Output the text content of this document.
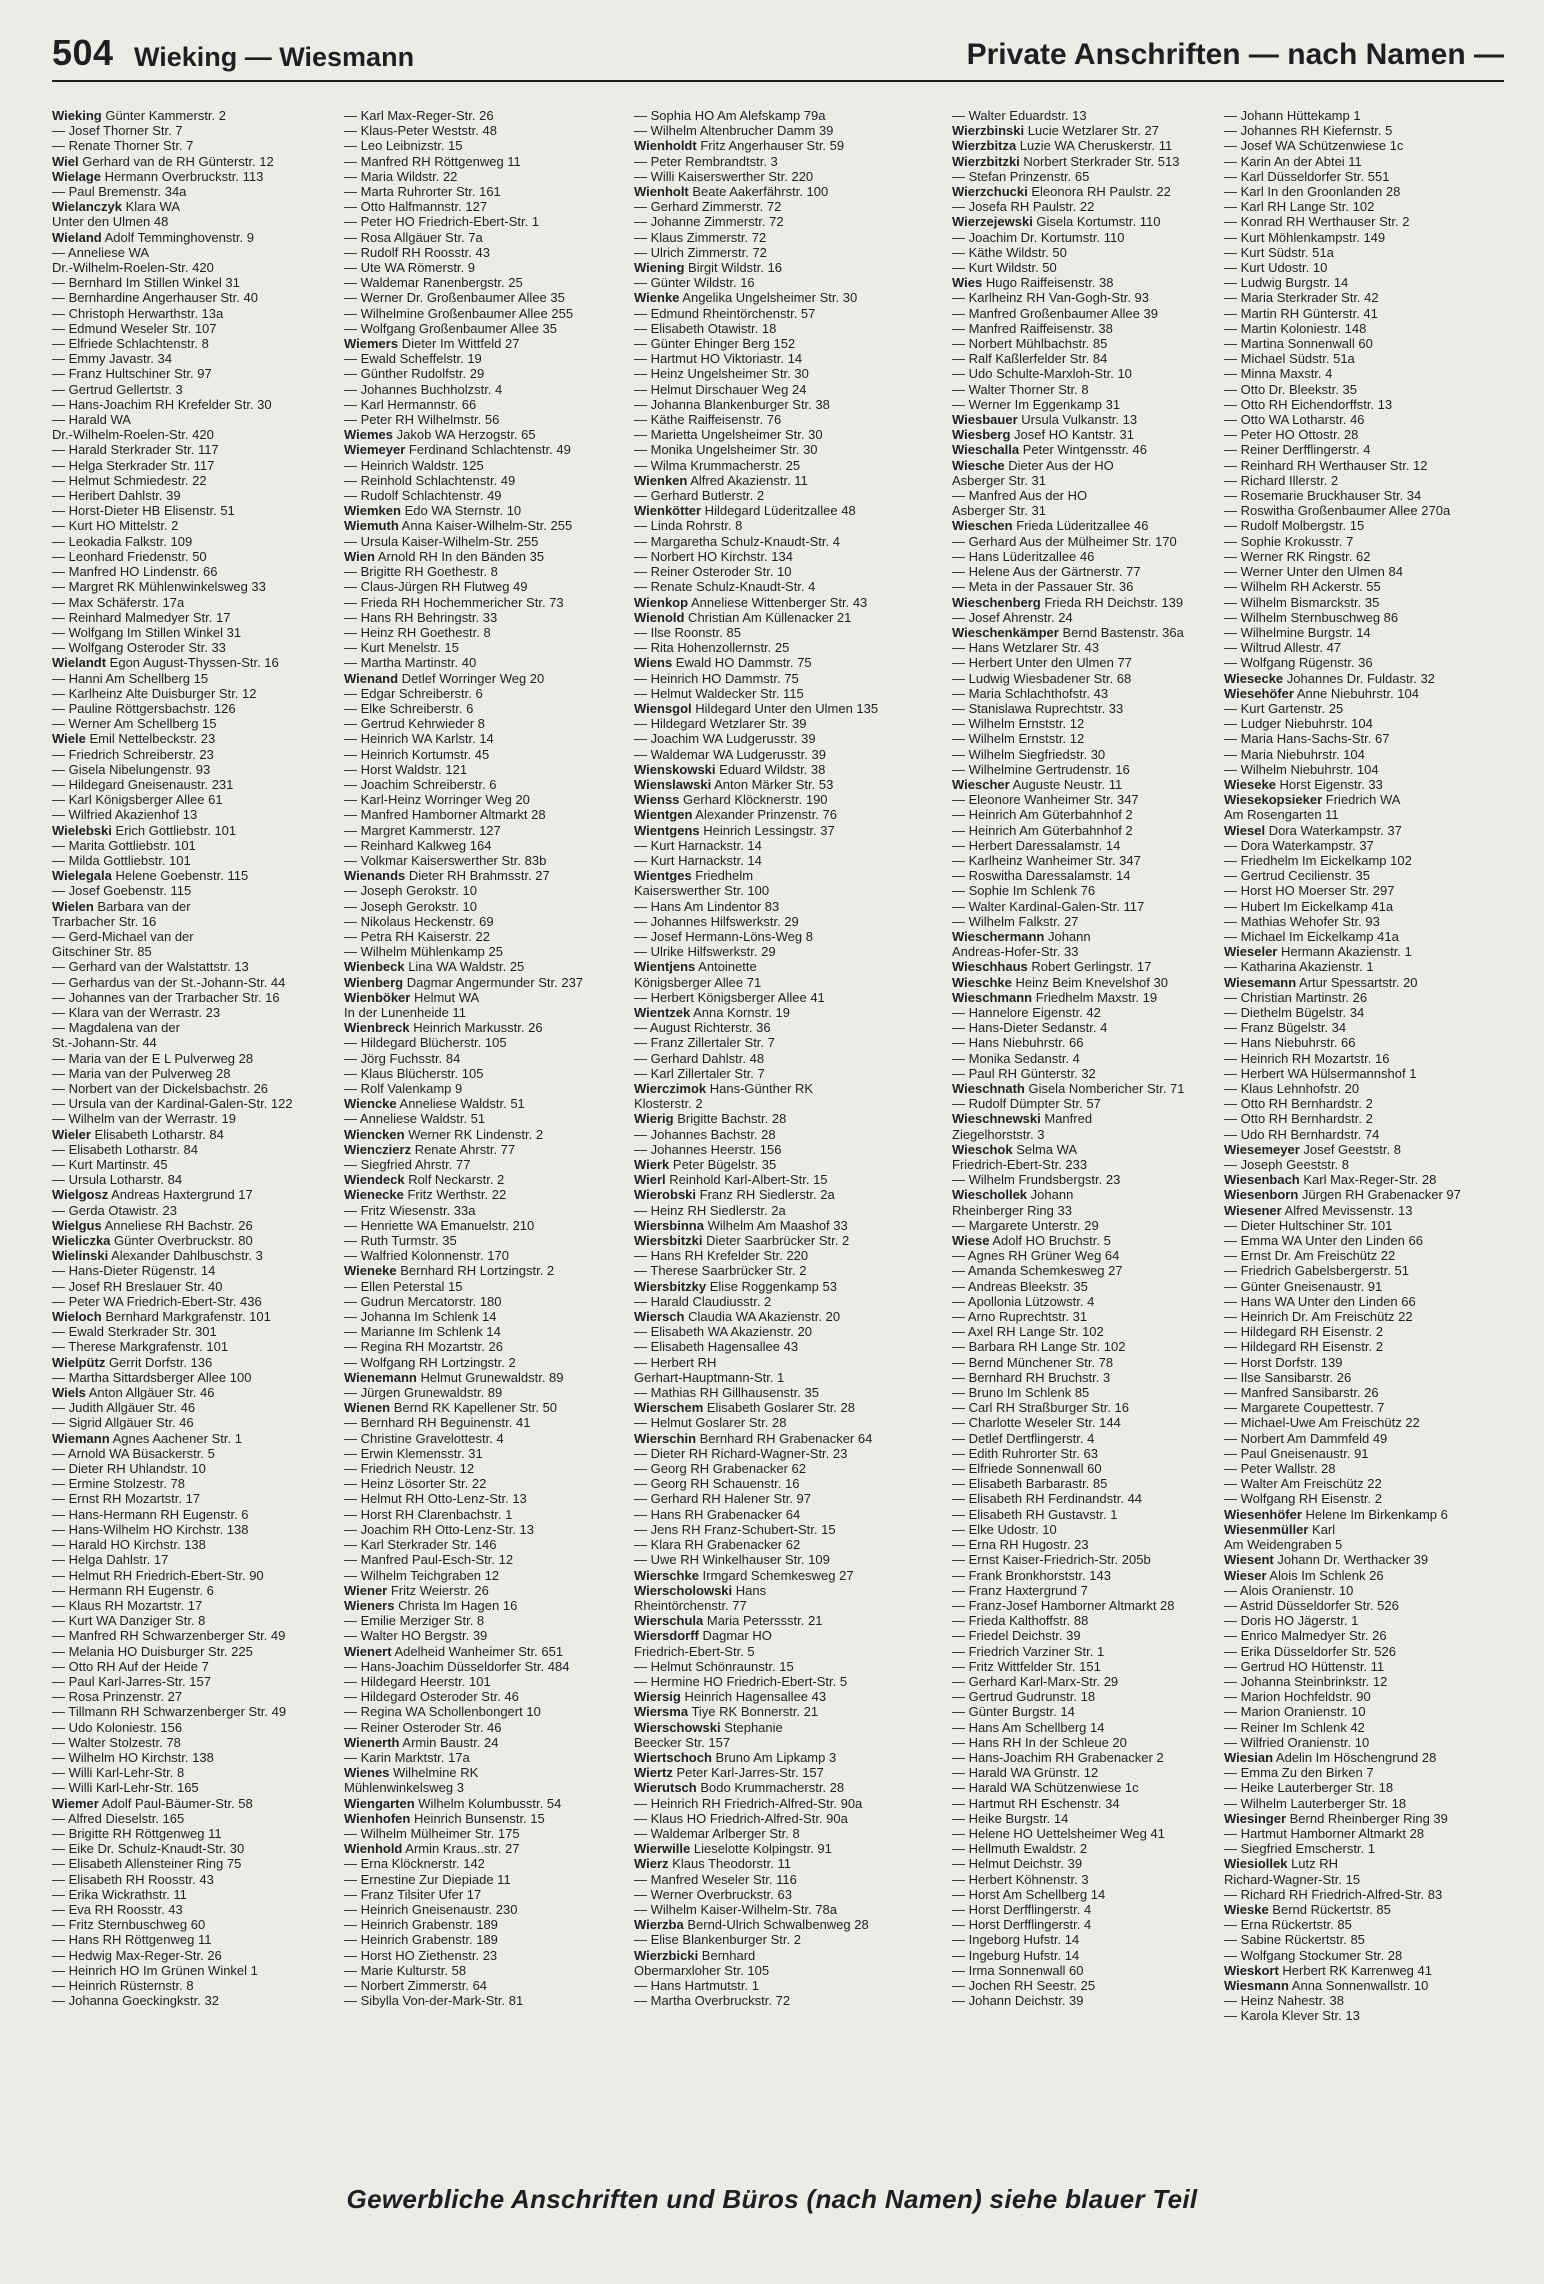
504 Wieking — Wiesmann	Private Anschriften — nach Namen —
Wieking Günter Kammerstr. 2
— Josef Thorner Str. 7
— Renate Thorner Str. 7
Wiel Gerhard van de RH Günterstr. 12
Wielage Hermann Overbruckstr. 113
— Paul Bremenstr. 34a
Wielanczyk Klara WA
Unter den Ulmen 48
Wieland Adolf Temminghovenstr. 9
— Anneliese WA
Dr.-Wilhelm-Roelen-Str. 420
— Bernhard Im Stillen Winkel 31
— Bernhardine Angerhauser Str. 40
— Christoph Herwarthstr. 13a
— Edmund Weseler Str. 107
— Elfriede Schlachtenstr. 8
— Emmy Javastr. 34
— Franz Hultschiner Str. 97
— Gertrud Gellertstr. 3
— Hans-Joachim RH Krefelder Str. 30
— Harald WA
Dr.-Wilhelm-Roelen-Str. 420
— Harald Sterkrader Str. 117
— Helga Sterkrader Str. 117
— Helmut Schmiedestr. 22
— Heribert Dahlstr. 39
— Horst-Dieter HB Elisenstr. 51
— Kurt HO Mittelstr. 2
— Leokadia Falkstr. 109
— Leonhard Friedenstr. 50
— Manfred HO Lindenstr. 66
— Margret RK Mühlenwinkelsweg 33
— Max Schäferstr. 17a
— Reinhard Malmedyer Str. 17
— Wolfgang Im Stillen Winkel 31
— Wolfgang Osteroder Str. 33
Wielandt Egon August-Thyssen-Str. 16
— Hanni Am Schellberg 15
— Karlheinz Alte Duisburger Str. 12
— Pauline Röttgersbachstr. 126
— Werner Am Schellberg 15
Wiele Emil Nettelbeckstr. 23
— Friedrich Schreiberstr. 23
— Gisela Nibelungenstr. 93
— Hildegard Gneisenaustr. 231
— Karl Königsberger Allee 61
— Wilfried Akazienhof 13
Wielebski Erich Gottliebstr. 101
— Marita Gottliebstr. 101
— Milda Gottliebstr. 101
Wielegala Helene Goebenstr. 115
— Josef Goebenstr. 115
Wielen Barbara van der
Trarbacher Str. 16
— Gerd-Michael van der
Gitschiner Str. 85
— Gerhard van der Walstattstr. 13
— Gerhardus van der St.-Johann-Str. 44
— Johannes van der Trarbacher Str. 16
— Klara van der Werrastr. 23
— Magdalena van der
St.-Johann-Str. 44
— Maria van der E L Pulverweg 28
— Maria van der Pulverweg 28
— Norbert van der Dickelsbachstr. 26
— Ursula van der Kardinal-Galen-Str. 122
— Wilhelm van der Werrastr. 19
Wieler Elisabeth Lotharstr. 84
— Elisabeth Lotharstr. 84
— Kurt Martinstr. 45
— Ursula Lotharstr. 84
Wielgosz Andreas Haxtergrund 17
— Gerda Otawistr. 23
Wielgus Anneliese RH Bachstr. 26
Wieliczka Günter Overbruckstr. 80
Wielinski Alexander Dahlbuschstr. 3
— Hans-Dieter Rügenstr. 14
— Josef RH Breslauer Str. 40
— Peter WA Friedrich-Ebert-Str. 436
Wieloch Bernhard Markgrafenstr. 101
— Ewald Sterkrader Str. 301
— Therese Markgrafenstr. 101
Wielpütz Gerrit Dorfstr. 136
— Martha Sittardsberger Allee 100
Wiels Anton Allgäuer Str. 46
— Judith Allgäuer Str. 46
— Sigrid Allgäuer Str. 46
Wiemann Agnes Aachener Str. 1
— Arnold WA Büsackerstr. 5
— Dieter RH Uhlandstr. 10
— Ermine Stolzestr. 78
— Ernst RH Mozartstr. 17
— Hans-Hermann RH Eugenstr. 6
— Hans-Wilhelm HO Kirchstr. 138
— Harald HO Kirchstr. 138
— Helga Dahlstr. 17
— Helmut RH Friedrich-Ebert-Str. 90
— Hermann RH Eugenstr. 6
— Klaus RH Mozartstr. 17
— Kurt WA Danziger Str. 8
— Manfred RH Schwarzenberger Str. 49
— Melania HO Duisburger Str. 225
— Otto RH Auf der Heide 7
— Paul Karl-Jarres-Str. 157
— Rosa Prinzenstr. 27
— Tillmann RH Schwarzenberger Str. 49
— Udo Koloniestr. 156
— Walter Stolzestr. 78
— Wilhelm HO Kirchstr. 138
— Willi Karl-Lehr-Str. 8
— Willi Karl-Lehr-Str. 165
Wiemer Adolf Paul-Bäumer-Str. 58
— Alfred Dieselstr. 165
— Brigitte RH Röttgenweg 11
— Eike Dr. Schulz-Knaudt-Str. 30
— Elisabeth Allensteiner Ring 75
— Elisabeth RH Roosstr. 43
— Erika Wickrathstr. 11
— Eva RH Roosstr. 43
— Fritz Sternbuschweg 60
— Hans RH Röttgenweg 11
— Hedwig Max-Reger-Str. 26
— Heinrich HO Im Grünen Winkel 1
— Heinrich Rüsternstr. 8
— Johanna Goeckingkstr. 32
— Karl Max-Reger-Str. 26
— Klaus-Peter Weststr. 48
— Leo Leibnizstr. 15
— Manfred RH Röttgenweg 11
— Maria Wildstr. 22
— Marta Ruhrorter Str. 161
— Otto Halfmannstr. 127
— Peter HO Friedrich-Ebert-Str. 1
— Rosa Allgäuer Str. 7a
— Rudolf RH Roosstr. 43
— Ute WA Römerstr. 9
— Waldemar Ranenbergstr. 25
— Werner Dr. Großenbaumer Allee 35
— Wilhelmine Großenbaumer Allee 255
— Wolfgang Großenbaumer Allee 35
Wiemers Dieter Im Wittfeld 27
— Ewald Scheffelstr. 19
— Günther Rudolfstr. 29
— Johannes Buchholzstr. 4
— Karl Hermannstr. 66
— Peter RH Wilhelmstr. 56
Wiemes Jakob WA Herzogstr. 65
Wiemeyer Ferdinand Schlachtenstr. 49
— Heinrich Waldstr. 125
— Reinhold Schlachtenstr. 49
— Rudolf Schlachtenstr. 49
Wiemken Edo WA Sternstr. 10
Wiemuth Anna Kaiser-Wilhelm-Str. 255
— Ursula Kaiser-Wilhelm-Str. 255
Wien Arnold RH In den Bänden 35
— Brigitte RH Goethestr. 8
— Claus-Jürgen RH Flutweg 49
— Frieda RH Hochemmericher Str. 73
— Hans RH Behringstr. 33
— Heinz RH Goethestr. 8
— Kurt Menelstr. 15
— Martha Martinstr. 40
Wienand Detlef Worringer Weg 20
— Edgar Schreiberstr. 6
— Elke Schreiberstr. 6
— Gertrud Kehrwieder 8
— Heinrich WA Karlstr. 14
— Heinrich Kortumstr. 45
— Horst Waldstr. 121
— Joachim Schreiberstr. 6
— Karl-Heinz Worringer Weg 20
— Manfred Hamborner Altmarkt 28
— Margret Kammerstr. 127
— Reinhard Kalkweg 164
— Volkmar Kaiserswerther Str. 83b
Wienands Dieter RH Brahmsstr. 27
— Joseph Gerokstr. 10
— Joseph Gerokstr. 10
— Nikolaus Heckenstr. 69
— Petra RH Kaiserstr. 22
— Wilhelm Mühlenkamp 25
Wienbeck Lina WA Waldstr. 25
Wienberg Dagmar Angermunder Str. 237
Wienböker Helmut WA
In der Lunenheide 11
Wienbreck Heinrich Markusstr. 26
— Hildegard Blücherstr. 105
— Jörg Fuchsstr. 84
— Klaus Blücherstr. 105
— Rolf Valenkamp 9
Wiencke Anneliese Waldstr. 51
— Anneliese Waldstr. 51
Wiencken Werner RK Lindenstr. 2
Wienczierz Renate Ahrstr. 77
— Siegfried Ahrstr. 77
Wiendeck Rolf Neckarstr. 2
Wienecke Fritz Werthstr. 22
— Fritz Wiesenstr. 33a
— Henriette WA Emanuelstr. 210
— Ruth Turmstr. 35
— Walfried Kolonnenstr. 170
Wieneke Bernhard RH Lortzingstr. 2
— Ellen Peterstal 15
— Gudrun Mercatorstr. 180
— Johanna Im Schlenk 14
— Marianne Im Schlenk 14
— Regina RH Mozartstr. 26
— Wolfgang RH Lortzingstr. 2
Wienemann Helmut Grunewaldstr. 89
— Jürgen Grunewaldstr. 89
Wienen Bernd RK Kapellener Str. 50
— Bernhard RH Beguinenstr. 41
— Christine Gravelottestr. 4
— Erwin Klemensstr. 31
— Friedrich Neustr. 12
— Heinz Lösorter Str. 22
— Helmut RH Otto-Lenz-Str. 13
— Horst RH Clarenbachstr. 1
— Joachim RH Otto-Lenz-Str. 13
— Karl Sterkrader Str. 146
— Manfred Paul-Esch-Str. 12
— Wilhelm Teichgraben 12
Wiener Fritz Weierstr. 26
Wieners Christa Im Hagen 16
— Emilie Merziger Str. 8
— Walter HO Bergstr. 39
Wienert Adelheid Wanheimer Str. 651
— Hans-Joachim Düsseldorfer Str. 484
— Hildegard Heerstr. 101
— Hildegard Osteroder Str. 46
— Regina WA Schollenbongert 10
— Reiner Osteroder Str. 46
Wienerth Armin Baustr. 24
— Karin Marktstr. 17a
Wienes Wilhelmine RK
Mühlenwinkelsweg 3
Wiengarten Wilhelm Kolumbusstr. 54
Wienhofen Heinrich Bunsenstr. 15
— Wilhelm Mülheimer Str. 175
Wienhold Armin Kraus..str. 27
— Erna Klöcknerstr. 142
— Ernestine Zur Diepiade 11
— Franz Tilsiter Ufer 17
— Heinrich Gneisenaustr. 230
— Heinrich Grabenstr. 189
— Heinrich Grabenstr. 189
— Horst HO Ziethenstr. 23
— Marie Kulturstr. 58
— Norbert Zimmerstr. 64
— Sibylla Von-der-Mark-Str. 81
— Sophia HO Am Alefskamp 79a
— Wilhelm Altenbrucher Damm 39
Wienholdt Fritz Angerhauser Str. 59
— Peter Rembrandtstr. 3
— Willi Kaiserswerther Str. 220
Wienholt Beate Aakerfährstr. 100
— Gerhard Zimmerstr. 72
— Johanne Zimmerstr. 72
— Klaus Zimmerstr. 72
— Ulrich Zimmerstr. 72
Wiening Birgit Wildstr. 16
— Günter Wildstr. 16
Wienke Angelika Ungelsheimer Str. 30
— Edmund Rheintörchenstr. 57
— Elisabeth Otawistr. 18
— Günter Ehinger Berg 152
— Hartmut HO Viktoriastr. 14
— Heinz Ungelsheimer Str. 30
— Helmut Dirschauer Weg 24
— Johanna Blankenburger Str. 38
— Käthe Raiffeisenstr. 76
— Marietta Ungelsheimer Str. 30
— Monika Ungelsheimer Str. 30
— Wilma Krummacherstr. 25
Wienken Alfred Akazienstr. 11
— Gerhard Butlerstr. 2
Wienkötter Hildegard Lüderitzallee 48
— Linda Rohrstr. 8
— Margaretha Schulz-Knaudt-Str. 4
— Norbert HO Kirchstr. 134
— Reiner Osteroder Str. 10
— Renate Schulz-Knaudt-Str. 4
Wienkop Anneliese Wittenberger Str. 43
Wienold Christian Am Küllenacker 21
— Ilse Roonstr. 85
— Rita Hohenzollernstr. 25
Wiens Ewald HO Dammstr. 75
— Heinrich HO Dammstr. 75
— Helmut Waldecker Str. 115
Wiensgol Hildegard Unter den Ulmen 135
— Hildegard Wetzlarer Str. 39
— Joachim WA Ludgerusstr. 39
— Waldemar WA Ludgerusstr. 39
Wienskowski Eduard Wildstr. 38
Wienslawski Anton Märker Str. 53
Wienss Gerhard Klöcknerstr. 190
Wientgen Alexander Prinzenstr. 76
Wientgens Heinrich Lessingstr. 37
— Kurt Harnackstr. 14
— Kurt Harnackstr. 14
Wientges Friedhelm
Kaiserswerther Str. 100
— Hans Am Lindentor 83
— Johannes Hilfswerkstr. 29
— Josef Hermann-Löns-Weg 8
— Ulrike Hilfswerkstr. 29
Wientjens Antoinette
Königsberger Allee 71
— Herbert Königsberger Allee 41
Wientzek Anna Kornstr. 19
— August Richterstr. 36
— Franz Zillertaler Str. 7
— Gerhard Dahlstr. 48
— Karl Zillertaler Str. 7
Wierczimok Hans-Günther RK
Klosterstr. 2
Wierig Brigitte Bachstr. 28
— Johannes Bachstr. 28
— Johannes Heerstr. 156
Wierk Peter Bügelstr. 35
Wierl Reinhold Karl-Albert-Str. 15
Wierobski Franz RH Siedlerstr. 2a
— Heinz RH Siedlerstr. 2a
Wiersbinna Wilhelm Am Maashof 33
Wiersbitzki Dieter Saarbrücker Str. 2
— Hans RH Krefelder Str. 220
— Therese Saarbrücker Str. 2
Wiersbitzky Elise Roggenkamp 53
— Harald Claudiusstr. 2
Wiersch Claudia WA Akazienstr. 20
— Elisabeth WA Akazienstr. 20
— Elisabeth Hagensallee 43
— Herbert RH
Gerhart-Hauptmann-Str. 1
— Mathias RH Gillhausenstr. 35
Wierschem Elisabeth Goslarer Str. 28
— Helmut Goslarer Str. 28
Wierschin Bernhard RH Grabenacker 64
— Dieter RH Richard-Wagner-Str. 23
— Georg RH Grabenacker 62
— Georg RH Schauenstr. 16
— Gerhard RH Halener Str. 97
— Hans RH Grabenacker 64
— Jens RH Franz-Schubert-Str. 15
— Klara RH Grabenacker 62
— Uwe RH Winkelhauser Str. 109
Wierschke Irmgard Schemkesweg 27
Wierscholowski Hans
Rheintörchenstr. 77
Wierschula Maria Peterssstr. 21
Wiersdorff Dagmar HO
Friedrich-Ebert-Str. 5
— Helmut Schönraunstr. 15
— Hermine HO Friedrich-Ebert-Str. 5
Wiersig Heinrich Hagensallee 43
Wiersma Tiye RK Bonnerstr. 21
Wierschowski Stephanie
Beecker Str. 157
Wiertschoch Bruno Am Lipkamp 3
Wiertz Peter Karl-Jarres-Str. 157
Wierutsch Bodo Krummacherstr. 28
— Heinrich RH Friedrich-Alfred-Str. 90a
— Klaus HO Friedrich-Alfred-Str. 90a
— Waldemar Arlberger Str. 8
Wierwille Lieselotte Kolpingstr. 91
Wierz Klaus Theodorstr. 11
— Manfred Weseler Str. 116
— Werner Overbruckstr. 63
— Wilhelm Kaiser-Wilhelm-Str. 78a
Wierzba Bernd-Ulrich Schwalbenweg 28
— Elise Blankenburger Str. 2
Wierzbicki Bernhard
Obermarxloher Str. 105
— Hans Hartmutstr. 1
— Martha Overbruckstr. 72
— Walter Eduardstr. 13
Wierzbinski Lucie Wetzlarer Str. 27
Wierzbitza Luzie WA Cheruskerstr. 11
Wierzbitzki Norbert Sterkrader Str. 513
— Stefan Prinzenstr. 65
Wierzchucki Eleonora RH Paulstr. 22
— Josefa RH Paulstr. 22
Wierzejewski Gisela Kortumstr. 110
— Joachim Dr. Kortumstr. 110
— Käthe Wildstr. 50
— Kurt Wildstr. 50
Wies Hugo Raiffeisenstr. 38
— Karlheinz RH Van-Gogh-Str. 93
— Manfred Großenbaumer Allee 39
— Manfred Raiffeisenstr. 38
— Norbert Mühlbachstr. 85
— Ralf Kaßlerfelder Str. 84
— Udo Schulte-Marxloh-Str. 10
— Walter Thorner Str. 8
— Werner Im Eggenkamp 31
Wiesbauer Ursula Vulkanstr. 13
Wiesberg Josef HO Kantstr. 31
Wieschalla Peter Wintgensstr. 46
Wiesche Dieter Aus der HO
Asberger Str. 31
— Manfred Aus der HO
Asberger Str. 31
Wieschen Frieda Lüderitzallee 46
— Gerhard Aus der Mülheimer Str. 170
— Hans Lüderitzallee 46
— Helene Aus der Gärtnerstr. 77
— Meta in der Passauer Str. 36
Wieschenberg Frieda RH Deichstr. 139
— Josef Ahrenstr. 24
Wieschenkämper Bernd Bastenstr. 36a
— Hans Wetzlarer Str. 43
— Herbert Unter den Ulmen 77
— Ludwig Wiesbadener Str. 68
— Maria Schlachthofstr. 43
— Stanislawa Ruprechtstr. 33
— Wilhelm Ernststr. 12
— Wilhelm Ernststr. 12
— Wilhelm Siegfriedstr. 30
— Wilhelmine Gertrudenstr. 16
Wiescher Auguste Neustr. 11
— Eleonore Wanheimer Str. 347
— Heinrich Am Güterbahnhof 2
— Heinrich Am Güterbahnhof 2
— Herbert Daressalamstr. 14
— Karlheinz Wanheimer Str. 347
— Roswitha Daressalamstr. 14
— Sophie Im Schlenk 76
— Walter Kardinal-Galen-Str. 117
— Wilhelm Falkstr. 27
Wieschermann Johann
Andreas-Hofer-Str. 33
Wieschhaus Robert Gerlingstr. 17
Wieschke Heinz Beim Knevelshof 30
Wieschmann Friedhelm Maxstr. 19
— Hannelore Eigenstr. 42
— Hans-Dieter Sedanstr. 4
— Hans Niebuhrstr. 66
— Monika Sedanstr. 4
— Paul RH Günterstr. 32
Wieschnath Gisela Nombericher Str. 71
— Rudolf Dümpter Str. 57
Wieschnewski Manfred
Ziegelhorststr. 3
Wieschok Selma WA
Friedrich-Ebert-Str. 233
— Wilhelm Frundsbergstr. 23
Wieschollek Johann
Rheinberger Ring 33
— Margarete Unterstr. 29
Wiese Adolf HO Bruchstr. 5
— Agnes RH Grüner Weg 64
— Amanda Schemkesweg 27
— Andreas Bleekstr. 35
— Apollonia Lützowstr. 4
— Arno Ruprechtstr. 31
— Axel RH Lange Str. 102
— Barbara RH Lange Str. 102
— Bernd Münchener Str. 78
— Bernhard RH Bruchstr. 3
— Bruno Im Schlenk 85
— Carl RH Straßburger Str. 16
— Charlotte Weseler Str. 144
— Detlef Dertflingerstr. 4
— Edith Ruhrorter Str. 63
— Elfriede Sonnenwall 60
— Elisabeth Barbarastr. 85
— Elisabeth RH Ferdinandstr. 44
— Elisabeth RH Gustavstr. 1
— Elke Udostr. 10
— Erna RH Hugostr. 23
— Ernst Kaiser-Friedrich-Str. 205b
— Frank Bronkhorststr. 143
— Franz Haxtergrund 7
— Franz-Josef Hamborner Altmarkt 28
— Frieda Kalthoffstr. 88
— Friedel Deichstr. 39
— Friedrich Varziner Str. 1
— Fritz Wittfelder Str. 151
— Gerhard Karl-Marx-Str. 29
— Gertrud Gudrunstr. 18
— Günter Burgstr. 14
— Hans Am Schellberg 14
— Hans RH In der Schleue 20
— Hans-Joachim RH Grabenacker 2
— Harald WA Grünstr. 12
— Harald WA Schützenwiese 1c
— Hartmut RH Eschenstr. 34
— Heike Burgstr. 14
— Helene HO Uettelsheimer Weg 41
— Hellmuth Ewaldstr. 2
— Helmut Deichstr. 39
— Herbert Köhnenstr. 3
— Horst Am Schellberg 14
— Horst Derfflingerstr. 4
— Horst Derfflingerstr. 4
— Ingeborg Hufstr. 14
— Ingeburg Hufstr. 14
— Irma Sonnenwall 60
— Jochen RH Seestr. 25
— Johann Deichstr. 39
— Johann Hüttekamp 1
— Johannes RH Kiefernstr. 5
— Josef WA Schützenwiese 1c
— Karin An der Abtei 11
— Karl Düsseldorfer Str. 551
— Karl In den Groonlanden 28
— Karl RH Lange Str. 102
— Konrad RH Werthauser Str. 2
— Kurt Möhlenkampstr. 149
— Kurt Südstr. 51a
— Kurt Udostr. 10
— Ludwig Burgstr. 14
— Maria Sterkrader Str. 42
— Martin RH Günterstr. 41
— Martin Koloniestr. 148
— Martina Sonnenwall 60
— Michael Südstr. 51a
— Minna Maxstr. 4
— Otto Dr. Bleekstr. 35
— Otto RH Eichendorffstr. 13
— Otto WA Lotharstr. 46
— Peter HO Ottostr. 28
— Reiner Derfflingerstr. 4
— Reinhard RH Werthauser Str. 12
— Richard Illerstr. 2
— Rosemarie Bruckhauser Str. 34
— Roswitha Großenbaumer Allee 270a
— Rudolf Molbergstr. 15
— Sophie Krokusstr. 7
— Werner RK Ringstr. 62
— Werner Unter den Ulmen 84
— Wilhelm RH Ackerstr. 55
— Wilhelm Bismarckstr. 35
— Wilhelm Sternbuschweg 86
— Wilhelmine Burgstr. 14
— Wiltrud Allestr. 47
— Wolfgang Rügenstr. 36
Wiesecke Johannes Dr. Fuldastr. 32
Wiesehöfer Anne Niebuhrstr. 104
— Kurt Gartenstr. 25
— Ludger Niebuhrstr. 104
— Maria Hans-Sachs-Str. 67
— Maria Niebuhrstr. 104
— Wilhelm Niebuhrstr. 104
Wieseke Horst Eigenstr. 33
Wiesekopsieker Friedrich WA
Am Rosengarten 11
Wiesel Dora Waterkampstr. 37
— Dora Waterkampstr. 37
— Friedhelm Im Eickelkamp 102
— Gertrud Cecilienstr. 35
— Horst HO Moerser Str. 297
— Hubert Im Eickelkamp 41a
— Mathias Wehofer Str. 93
— Michael Im Eickelkamp 41a
Wieseler Hermann Akazienstr. 1
— Katharina Akazienstr. 1
Wiesemann Artur Spessartstr. 20
— Christian Martinstr. 26
— Diethelm Bügelstr. 34
— Franz Bügelstr. 34
— Hans Niebuhrstr. 66
— Heinrich RH Mozartstr. 16
— Herbert WA Hülsermannshof 1
— Klaus Lehnhofstr. 20
— Otto RH Bernhardstr. 2
— Otto RH Bernhardstr. 2
— Udo RH Bernhardstr. 74
Wiesemeyer Josef Geeststr. 8
— Joseph Geeststr. 8
Wiesenbach Karl Max-Reger-Str. 28
Wiesenborn Jürgen RH Grabenacker 97
Wiesener Alfred Mevissenstr. 13
— Dieter Hultschiner Str. 101
— Emma WA Unter den Linden 66
— Ernst Dr. Am Freischütz 22
— Friedrich Gabelsbergerstr. 51
— Günter Gneisenaustr. 91
— Hans WA Unter den Linden 66
— Heinrich Dr. Am Freischütz 22
— Hildegard RH Eisenstr. 2
— Hildegard RH Eisenstr. 2
— Horst Dorfstr. 139
— Ilse Sansibarstr. 26
— Manfred Sansibarstr. 26
— Margarete Coupettestr. 7
— Michael-Uwe Am Freischütz 22
— Norbert Am Dammfeld 49
— Paul Gneisenaustr. 91
— Peter Wallstr. 28
— Walter Am Freischütz 22
— Wolfgang RH Eisenstr. 2
Wiesenhöfer Helene Im Birkenkamp 6
Wiesenmüller Karl
Am Weidengraben 5
Wiesent Johann Dr. Werthacker 39
Wieser Alois Im Schlenk 26
— Alois Oranienstr. 10
— Astrid Düsseldorfer Str. 526
— Doris HO Jägerstr. 1
— Enrico Malmedyer Str. 26
— Erika Düsseldorfer Str. 526
— Gertrud HO Hüttenstr. 11
— Johanna Steinbrinkstr. 12
— Marion Hochfeldstr. 90
— Marion Oranienstr. 10
— Reiner Im Schlenk 42
— Wilfried Oranienstr. 10
Wiesian Adelin Im Höschengrund 28
— Emma Zu den Birken 7
— Heike Lauterberger Str. 18
— Wilhelm Lauterberger Str. 18
Wiesinger Bernd Rheinberger Ring 39
— Hartmut Hamborner Altmarkt 28
— Siegfried Emscherstr. 1
Wiesiollek Lutz RH
Richard-Wagner-Str. 15
— Richard RH Friedrich-Alfred-Str. 83
Wieske Bernd Rückertstr. 85
— Erna Rückertstr. 85
— Sabine Rückertstr. 85
— Wolfgang Stockumer Str. 28
Wieskort Herbert RK Karrenweg 41
Wiesmann Anna Sonnenwallstr. 10
— Heinz Nahestr. 38
— Karola Klever Str. 13
Gewerbliche Anschriften und Büros (nach Namen) siehe blauer Teil
